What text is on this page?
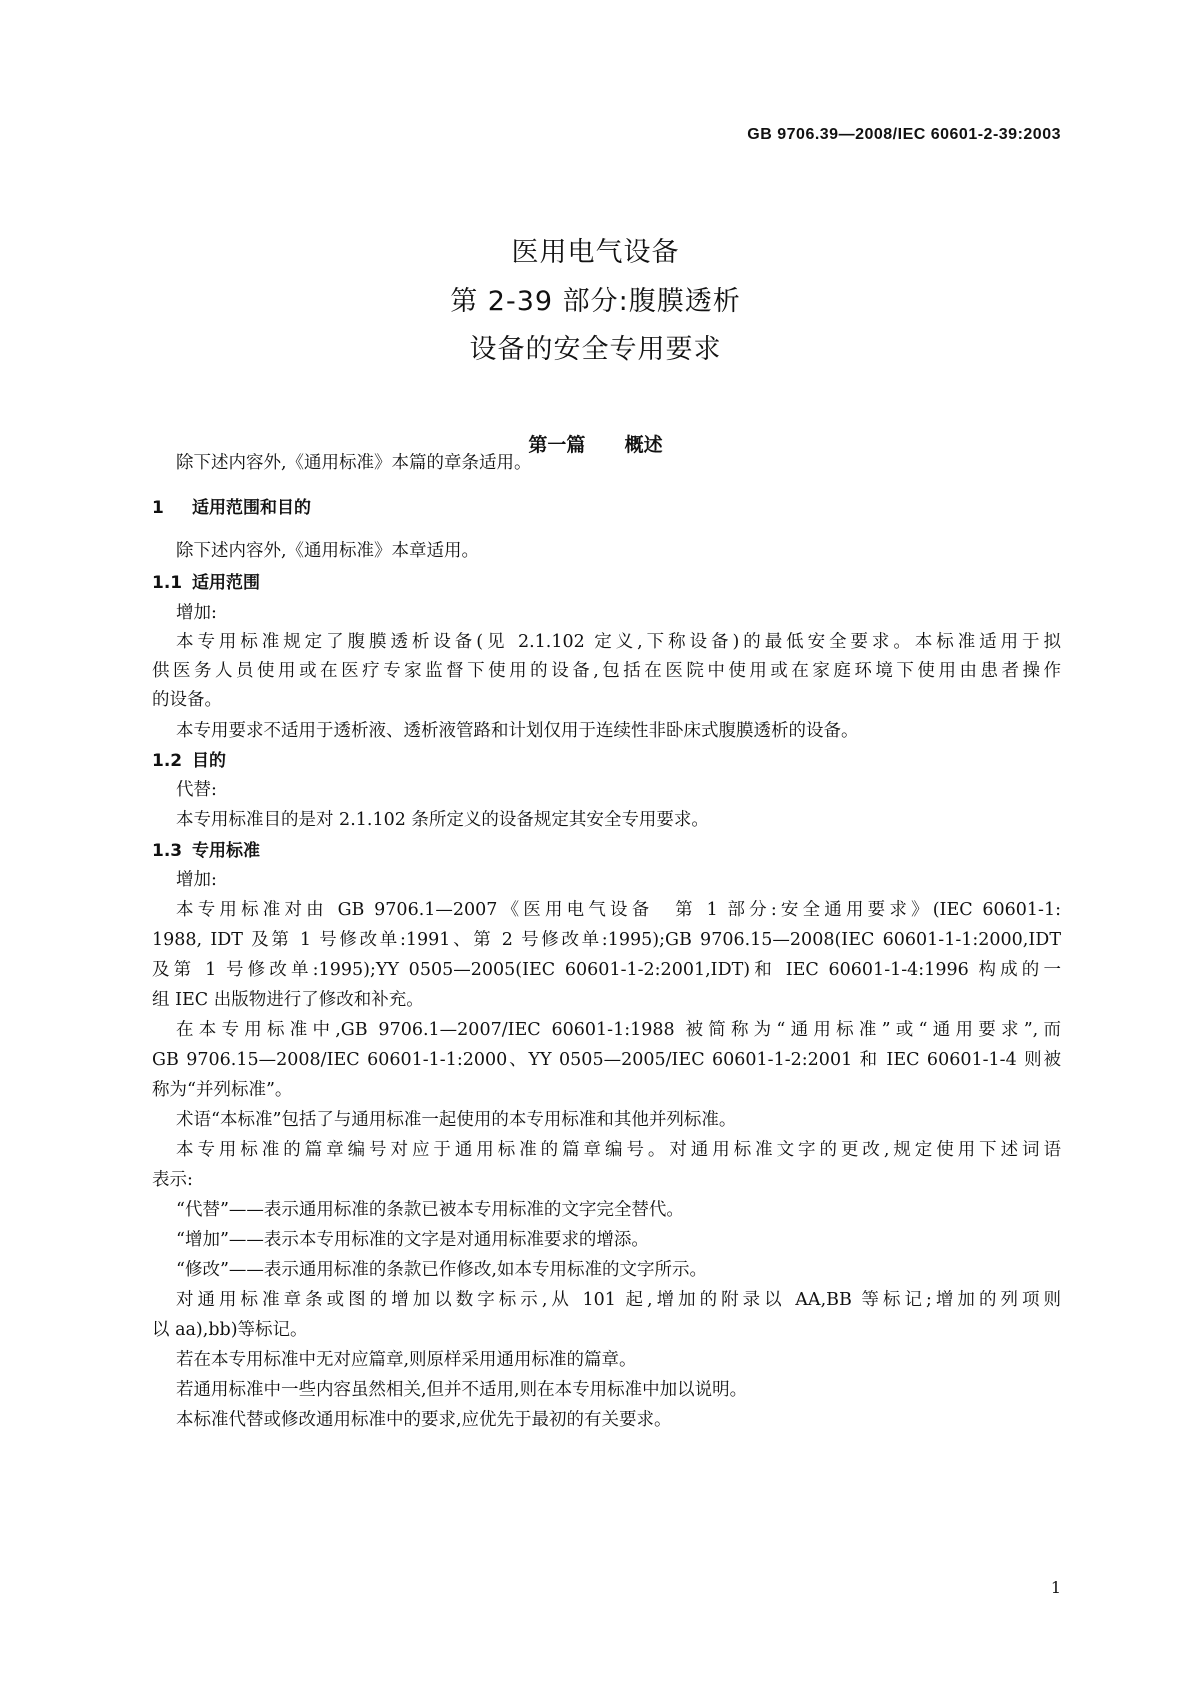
GB 9706.39—2008/IEC 60601-2-39:2003
医用电气设备
第 2-39 部分:腹膜透析
设备的安全专用要求
第一篇 概述
除下述内容外,《通用标准》本篇的章条适用。
1 适用范围和目的
除下述内容外,《通用标准》本章适用。
1.1 适用范围
增加:
本专用标准规定了腹膜透析设备(见 2.1.102 定义,下称设备)的最低安全要求。本标准适用于拟
供医务人员使用或在医疗专家监督下使用的设备,包括在医院中使用或在家庭环境下使用由患者操作
的设备。
本专用要求不适用于透析液、透析液管路和计划仅用于连续性非卧床式腹膜透析的设备。
1.2 目的
代替:
本专用标准目的是对 2.1.102 条所定义的设备规定其安全专用要求。
1.3 专用标准
增加:
本专用标准对由 GB 9706.1—2007《医用电气设备　第 1 部分:安全通用要求》(IEC 60601-1:
1988, IDT 及第 1 号修改单:1991、第 2 号修改单:1995);GB 9706.15—2008(IEC 60601-1-1:2000,IDT
及第 1 号修改单:1995);YY 0505—2005(IEC 60601-1-2:2001,IDT)和 IEC 60601-1-4:1996 构成的一
组 IEC 出版物进行了修改和补充。
在本专用标准中,GB 9706.1—2007/IEC 60601-1:1988 被简称为“通用标准”或“通用要求”,而
GB 9706.15—2008/IEC 60601-1-1:2000、YY 0505—2005/IEC 60601-1-2:2001 和 IEC 60601-1-4 则被
称为“并列标准”。
术语“本标准”包括了与通用标准一起使用的本专用标准和其他并列标准。
本专用标准的篇章编号对应于通用标准的篇章编号。对通用标准文字的更改,规定使用下述词语
表示:
“代替”——表示通用标准的条款已被本专用标准的文字完全替代。
“增加”——表示本专用标准的文字是对通用标准要求的增添。
“修改”——表示通用标准的条款已作修改,如本专用标准的文字所示。
对通用标准章条或图的增加以数字标示,从 101 起,增加的附录以 AA,BB 等标记;增加的列项则
以 aa),bb)等标记。
若在本专用标准中无对应篇章,则原样采用通用标准的篇章。
若通用标准中一些内容虽然相关,但并不适用,则在本专用标准中加以说明。
本标准代替或修改通用标准中的要求,应优先于最初的有关要求。
1
